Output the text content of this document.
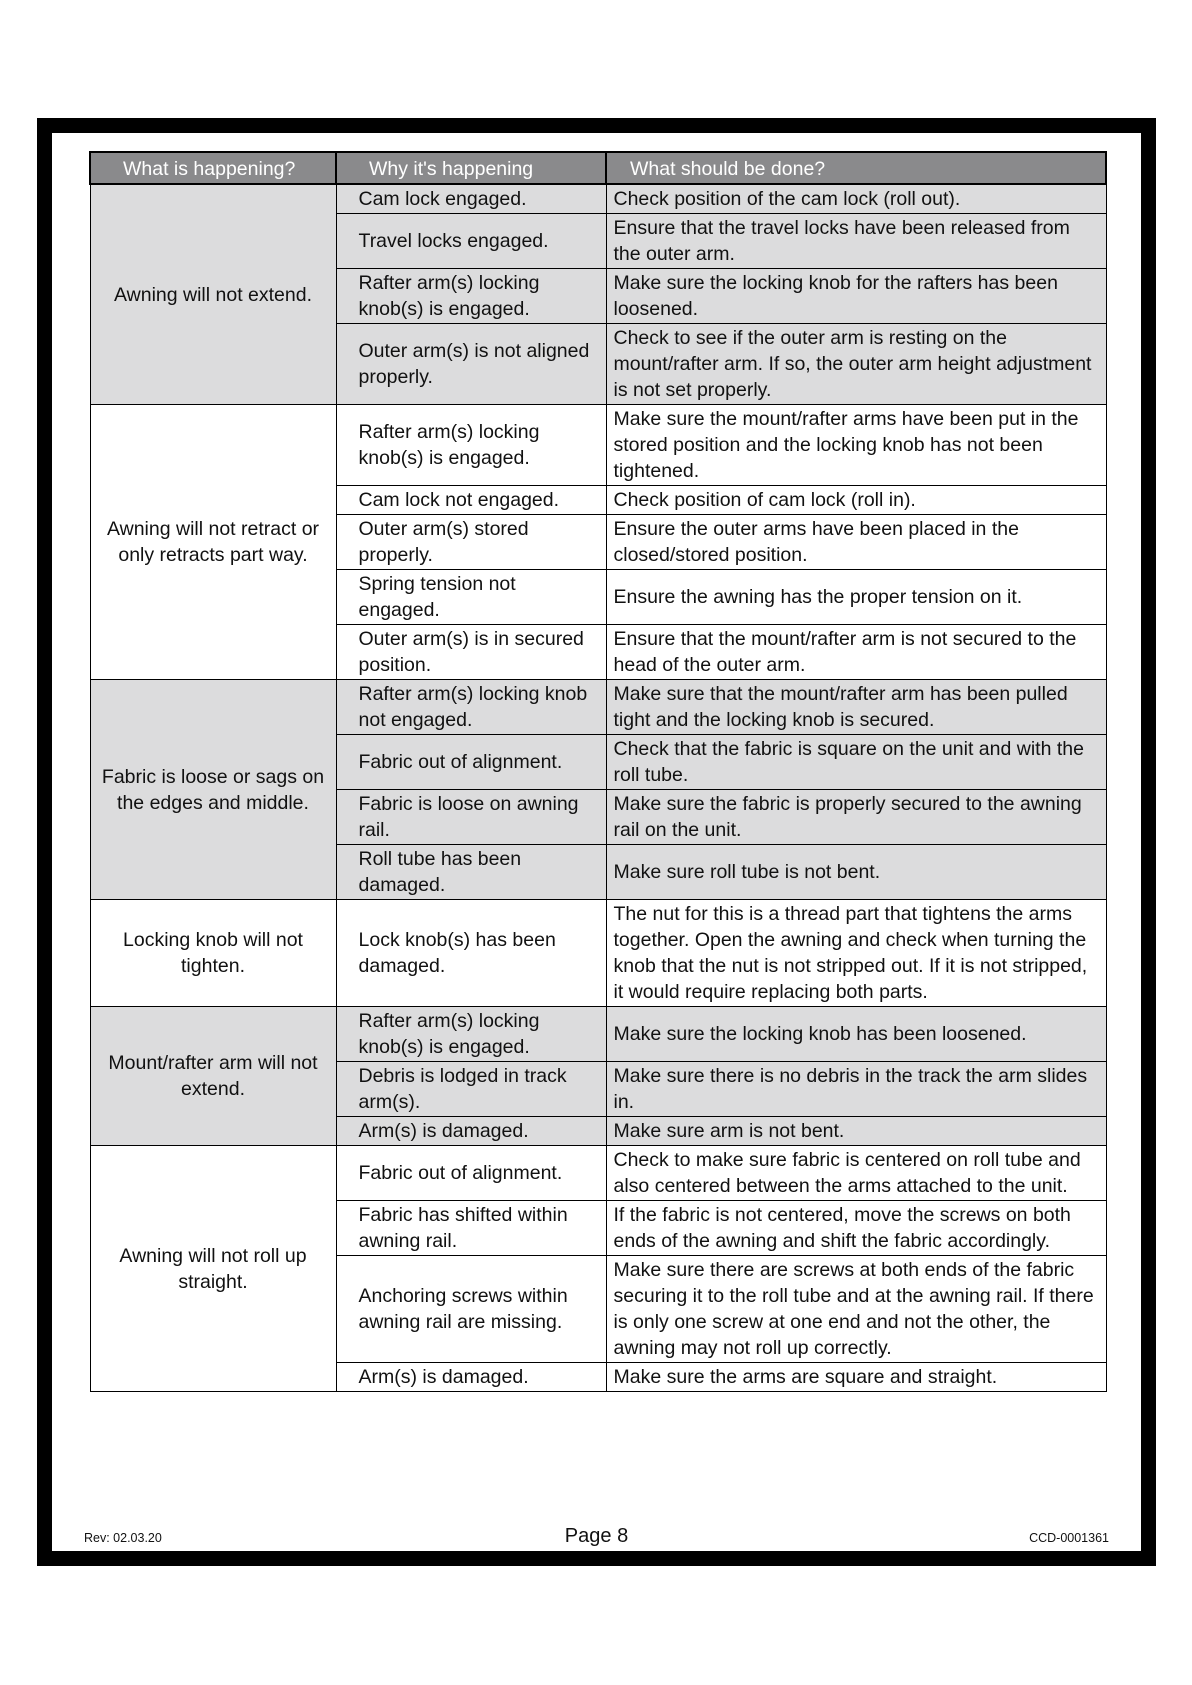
What is happening?	Why it's happening	What should be done?
Awning will not extend.	Cam lock engaged.	Check position of the cam lock (roll out).
	Travel locks engaged.	Ensure that the travel locks have been released from the outer arm.
	Rafter arm(s) locking knob(s) is engaged.	Make sure the locking knob for the rafters has been loosened.
	Outer arm(s) is not aligned properly.	Check to see if the outer arm is resting on the mount/rafter arm. If so, the outer arm height adjustment is not set properly.
Awning will not retract or only retracts part way.	Rafter arm(s) locking knob(s) is engaged.	Make sure the mount/rafter arms have been put in the stored position and the locking knob has not been tightened.
	Cam lock not engaged.	Check position of cam lock (roll in).
	Outer arm(s) stored properly.	Ensure the outer arms have been placed in the closed/stored position.
	Spring tension not engaged.	Ensure the awning has the proper tension on it.
	Outer arm(s) is in secured position.	Ensure that the mount/rafter arm is not secured to the head of the outer arm.
Fabric is loose or sags on the edges and middle.	Rafter arm(s) locking knob not engaged.	Make sure that the mount/rafter arm has been pulled tight and the locking knob is secured.
	Fabric out of alignment.	Check that the fabric is square on the unit and with the roll tube.
	Fabric is loose on awning rail.	Make sure the fabric is properly secured to the awning rail on the unit.
	Roll tube has been damaged.	Make sure roll tube is not bent.
Locking knob will not tighten.	Lock knob(s) has been damaged.	The nut for this is a thread part that tightens the arms together. Open the awning and check when turning the knob that the nut is not stripped out. If it is not stripped, it would require replacing both parts.
Mount/rafter arm will not extend.	Rafter arm(s) locking knob(s) is engaged.	Make sure the locking knob has been loosened.
	Debris is lodged in track arm(s).	Make sure there is no debris in the track the arm slides in.
	Arm(s) is damaged.	Make sure arm is not bent.
Awning will not roll up straight.	Fabric out of alignment.	Check to make sure fabric is centered on roll tube and also centered between the arms attached to the unit.
	Fabric has shifted within awning rail.	If the fabric is not centered, move the screws on both ends of the awning and shift the fabric accordingly.
	Anchoring screws within awning rail are missing.	Make sure there are screws at both ends of the fabric securing it to the roll tube and at the awning rail. If there is only one screw at one end and not the other, the awning may not roll up correctly.
	Arm(s) is damaged.	Make sure the arms are square and straight.
Rev: 02.03.20	Page 8	CCD-0001361
